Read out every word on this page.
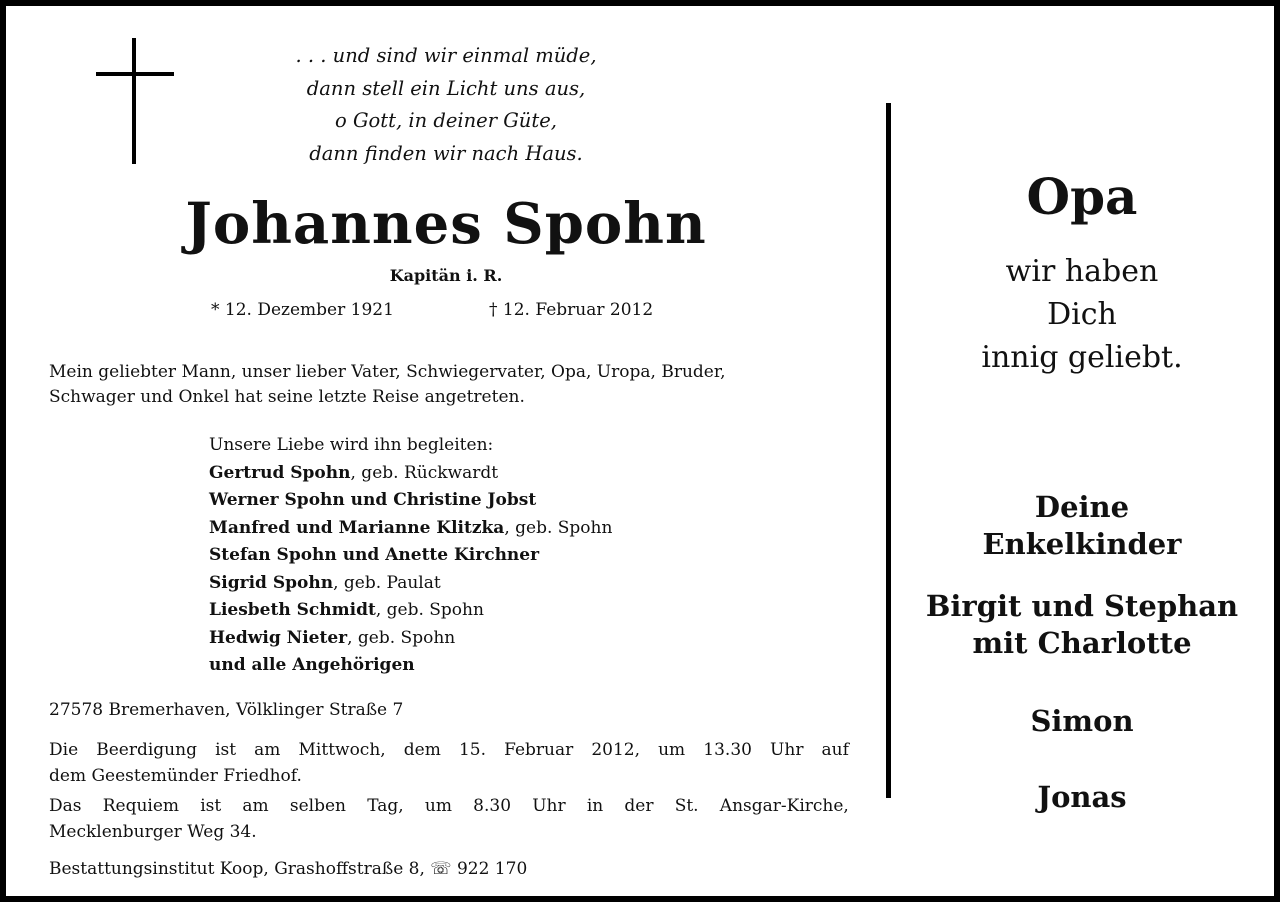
. . . und sind wir einmal müde,
dann stell ein Licht uns aus,
o Gott, in deiner Güte,
dann finden wir nach Haus.
Johannes Spohn
Kapitän i. R.
* 12. Dezember 1921	† 12. Februar 2012
Mein geliebter Mann, unser lieber Vater, Schwiegervater, Opa, Uropa, Bruder,
Schwager und Onkel hat seine letzte Reise angetreten.
Unsere Liebe wird ihn begleiten:
Gertrud Spohn, geb. Rückwardt
Werner Spohn und Christine Jobst
Manfred und Marianne Klitzka, geb. Spohn
Stefan Spohn und Anette Kirchner
Sigrid Spohn, geb. Paulat
Liesbeth Schmidt, geb. Spohn
Hedwig Nieter, geb. Spohn
und alle Angehörigen
27578 Bremerhaven, Völklinger Straße 7
Die Beerdigung ist am Mittwoch, dem 15. Februar 2012, um 13.30 Uhr auf
dem Geestemünder Friedhof.
Das Requiem ist am selben Tag, um 8.30 Uhr in der St. Ansgar-Kirche,
Mecklenburger Weg 34.
Bestattungsinstitut Koop, Grashoffstraße 8, ☏ 922 170
Opa
wir haben
Dich
innig geliebt.
Deine
Enkelkinder
Birgit und Stephan
mit Charlotte
Simon
Jonas
